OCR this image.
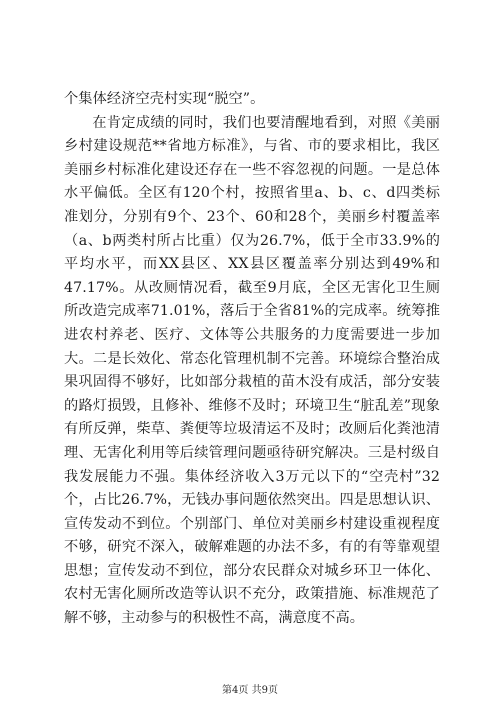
个集体经济空壳村实现“脱空”。

在肯定成绩的同时，我们也要清醒地看到，对照《美丽乡村建设规范**省地方标准》，与省、市的要求相比，我区美丽乡村标准化建设还存在一些不容忽视的问题。一是总体水平偏低。全区有120个村，按照省里a、b、c、d四类标准划分，分别有9个、23个、60和28个，美丽乡村覆盖率（a、b两类村所占比重）仅为26.7%，低于全市33.9%的平均水平，而XX县区、XX县区覆盖率分别达到49%和47.17%。从改厕情况看，截至9月底，全区无害化卫生厕所改造完成率71.01%，落后于全省81%的完成率。统筹推进农村养老、医疗、文体等公共服务的力度需要进一步加大。二是长效化、常态化管理机制不完善。环境综合整治成果巩固得不够好，比如部分栽植的苗木没有成活，部分安装的路灯损毁，且修补、维修不及时；环境卫生“脏乱差”现象有所反弹，柴草、粪便等垃圾清运不及时；改厕后化粪池清理、无害化利用等后续管理问题亟待研究解决。三是村级自我发展能力不强。集体经济收入3万元以下的“空壳村”32个，占比26.7%，无钱办事问题依然突出。四是思想认识、宣传发动不到位。个别部门、单位对美丽乡村建设重视程度不够，研究不深入，破解难题的办法不多，有的有等靠观望思想；宣传发动不到位，部分农民群众对城乡环卫一体化、农村无害化厕所改造等认识不充分，政策措施、标准规范了解不够，主动参与的积极性不高，满意度不高。

第4页 共9页
